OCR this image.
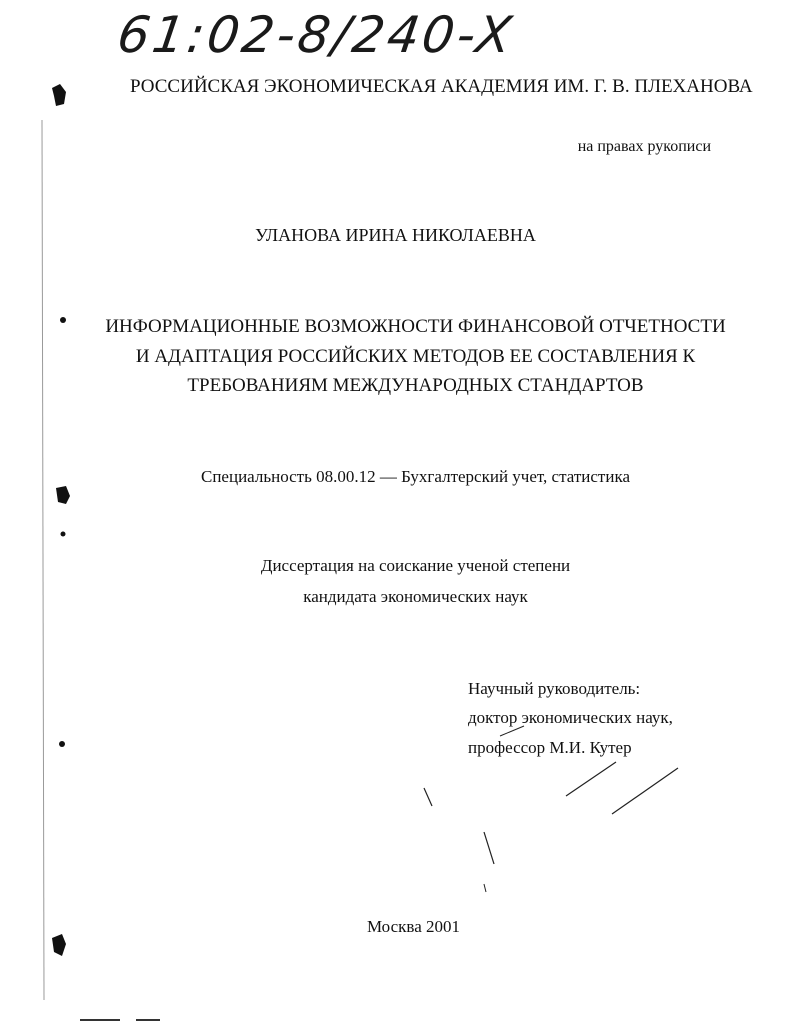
61:02-8/240-X
РОССИЙСКАЯ ЭКОНОМИЧЕСКАЯ АКАДЕМИЯ ИМ. Г. В. ПЛЕХАНОВА
на правах рукописи
УЛАНОВА ИРИНА НИКОЛАЕВНА
ИНФОРМАЦИОННЫЕ ВОЗМОЖНОСТИ ФИНАНСОВОЙ ОТЧЕТНОСТИ
И АДАПТАЦИЯ РОССИЙСКИХ МЕТОДОВ ЕЕ СОСТАВЛЕНИЯ К
ТРЕБОВАНИЯМ МЕЖДУНАРОДНЫХ СТАНДАРТОВ
Специальность 08.00.12 — Бухгалтерский учет, статистика
Диссертация на соискание ученой степени
кандидата экономических наук
Научный руководитель:
доктор экономических наук,
профессор М.И. Кутер
Москва 2001
